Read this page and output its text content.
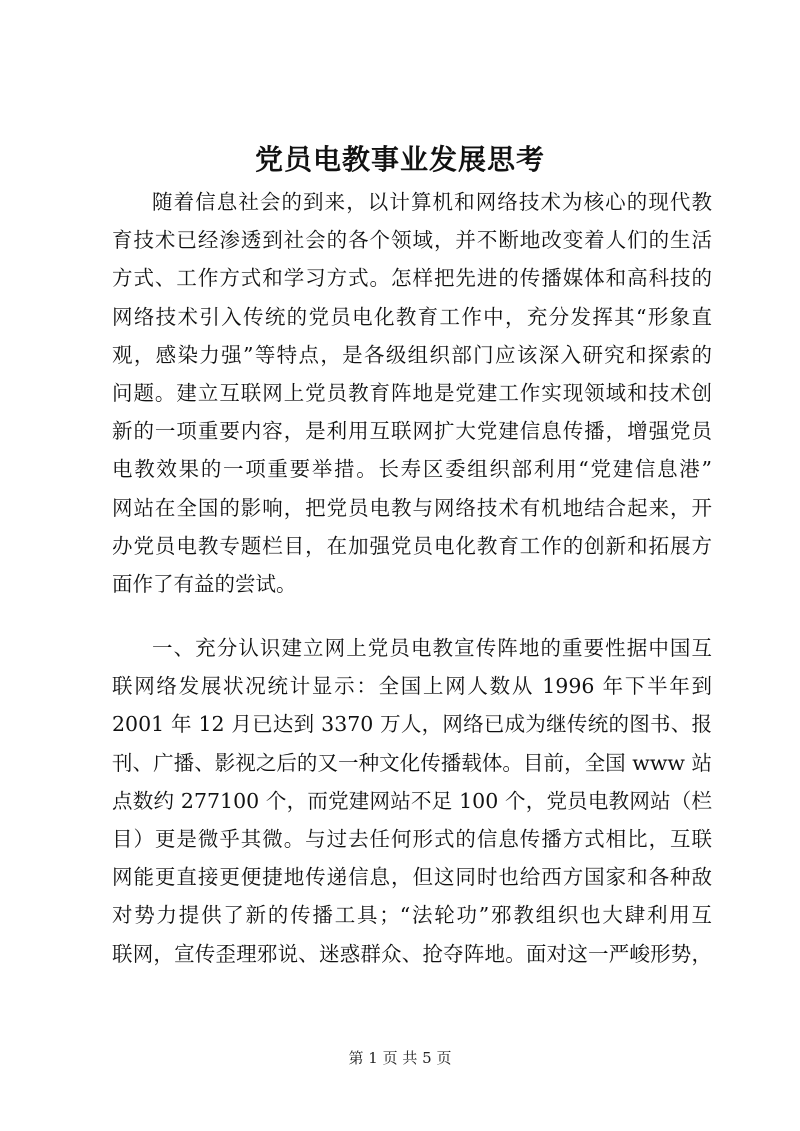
党员电教事业发展思考
随着信息社会的到来，以计算机和网络技术为核心的现代教
育技术已经渗透到社会的各个领域，并不断地改变着人们的生活
方式、工作方式和学习方式。怎样把先进的传播媒体和高科技的
网络技术引入传统的党员电化教育工作中，充分发挥其“形象直
观，感染力强”等特点，是各级组织部门应该深入研究和探索的
问题。建立互联网上党员教育阵地是党建工作实现领域和技术创
新的一项重要内容，是利用互联网扩大党建信息传播，增强党员
电教效果的一项重要举措。长寿区委组织部利用“党建信息港”
网站在全国的影响，把党员电教与网络技术有机地结合起来，开
办党员电教专题栏目，在加强党员电化教育工作的创新和拓展方
面作了有益的尝试。
一、充分认识建立网上党员电教宣传阵地的重要性据中国互
联网络发展状况统计显示：全国上网人数从 1996 年下半年到
2001 年 12 月已达到 3370 万人，网络已成为继传统的图书、报
刊、广播、影视之后的又一种文化传播载体。目前，全国 www 站
点数约 277100 个，而党建网站不足 100 个，党员电教网站（栏
目）更是微乎其微。与过去任何形式的信息传播方式相比，互联
网能更直接更便捷地传递信息，但这同时也给西方国家和各种敌
对势力提供了新的传播工具；“法轮功”邪教组织也大肆利用互
联网，宣传歪理邪说、迷惑群众、抢夺阵地。面对这一严峻形势，
第 1 页 共 5 页
